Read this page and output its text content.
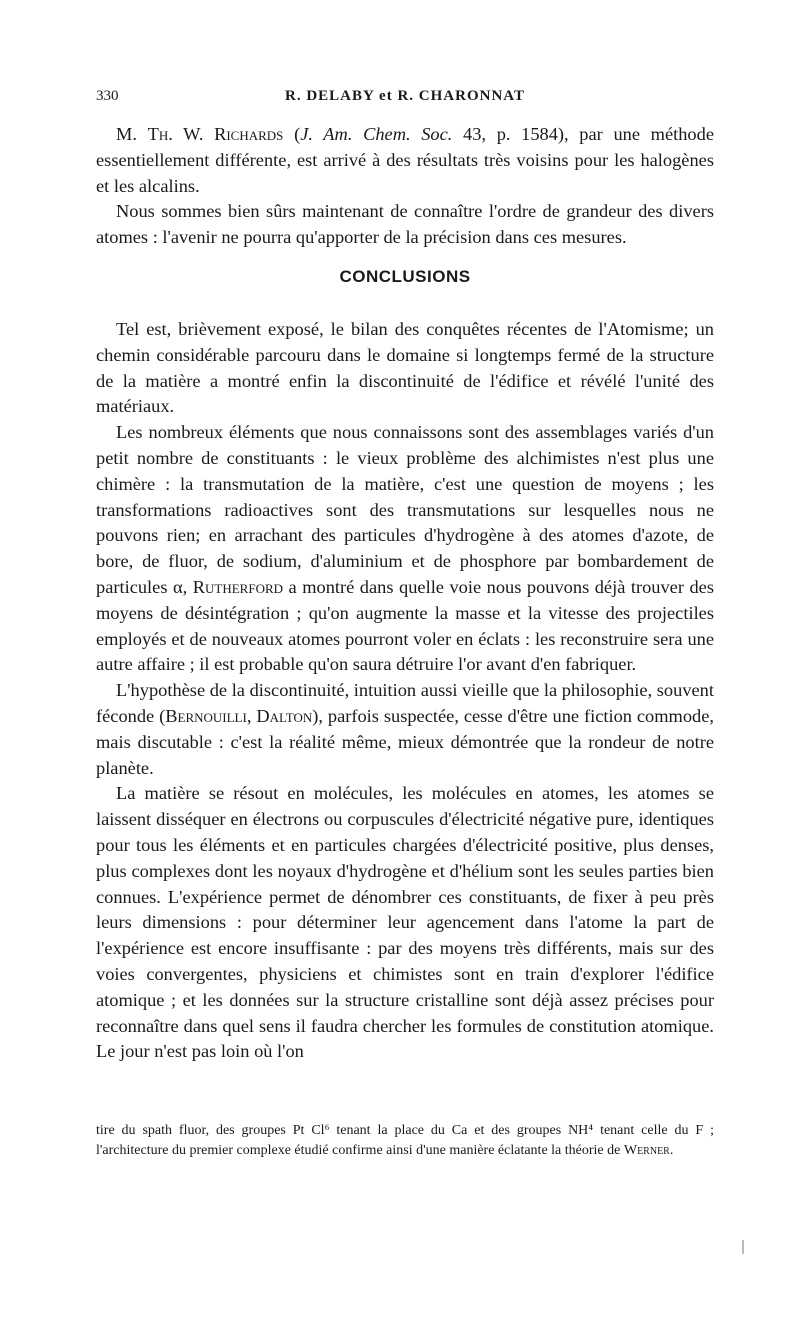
330	R. DELABY et R. CHARONNAT

M. Th. W. Richards (J. Am. Chem. Soc. 43, p. 1584), par une méthode essentiellement différente, est arrivé à des résultats très voisins pour les halogènes et les alcalins.

Nous sommes bien sûrs maintenant de connaître l'ordre de grandeur des divers atomes : l'avenir ne pourra qu'apporter de la précision dans ces mesures.

CONCLUSIONS

Tel est, brièvement exposé, le bilan des conquêtes récentes de l'Atomisme; un chemin considérable parcouru dans le domaine si longtemps fermé de la structure de la matière a montré enfin la discontinuité de l'édifice et révélé l'unité des matériaux.

Les nombreux éléments que nous connaissons sont des assemblages variés d'un petit nombre de constituants : le vieux problème des alchimistes n'est plus une chimère : la transmutation de la matière, c'est une question de moyens ; les transformations radioactives sont des transmutations sur lesquelles nous ne pouvons rien; en arrachant des particules d'hydrogène à des atomes d'azote, de bore, de fluor, de sodium, d'aluminium et de phosphore par bombardement de particules α, Rutherford a montré dans quelle voie nous pouvons déjà trouver des moyens de désintégration ; qu'on augmente la masse et la vitesse des projectiles employés et de nouveaux atomes pourront voler en éclats : les reconstruire sera une autre affaire ; il est probable qu'on saura détruire l'or avant d'en fabriquer.

L'hypothèse de la discontinuité, intuition aussi vieille que la philosophie, souvent féconde (Bernouilli, Dalton), parfois suspectée, cesse d'être une fiction commode, mais discutable : c'est la réalité même, mieux démontrée que la rondeur de notre planète.

La matière se résout en molécules, les molécules en atomes, les atomes se laissent disséquer en électrons ou corpuscules d'électricité négative pure, identiques pour tous les éléments et en particules chargées d'électricité positive, plus denses, plus complexes dont les noyaux d'hydrogène et d'hélium sont les seules parties bien connues. L'expérience permet de dénombrer ces constituants, de fixer à peu près leurs dimensions : pour déterminer leur agencement dans l'atome la part de l'expérience est encore insuffisante : par des moyens très différents, mais sur des voies convergentes, physiciens et chimistes sont en train d'explorer l'édifice atomique ; et les données sur la structure cristalline sont déjà assez précises pour reconnaître dans quel sens il faudra chercher les formules de constitution atomique. Le jour n'est pas loin où l'on

tire du spath fluor, des groupes Pt Cl⁶ tenant la place du Ca et des groupes NH⁴ tenant celle du F ; l'architecture du premier complexe étudié confirme ainsi d'une manière éclatante la théorie de Werner.
